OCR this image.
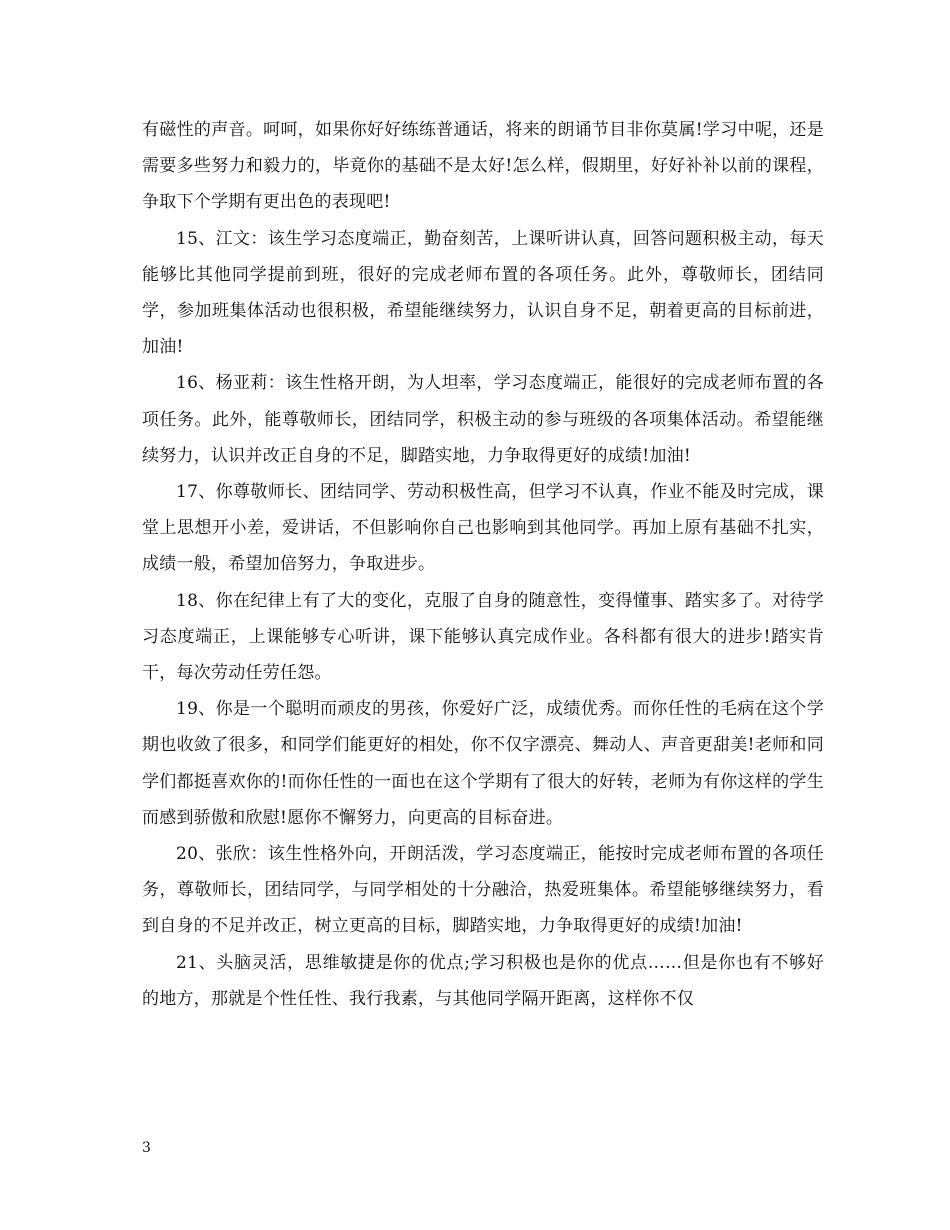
有磁性的声音。呵呵，如果你好好练练普通话，将来的朗诵节目非你莫属!学习中呢，还是需要多些努力和毅力的，毕竟你的基础不是太好!怎么样，假期里，好好补补以前的课程，争取下个学期有更出色的表现吧!

15、江文：该生学习态度端正，勤奋刻苦，上课听讲认真，回答问题积极主动，每天能够比其他同学提前到班，很好的完成老师布置的各项任务。此外，尊敬师长，团结同学，参加班集体活动也很积极，希望能继续努力，认识自身不足，朝着更高的目标前进，加油!

16、杨亚莉：该生性格开朗，为人坦率，学习态度端正，能很好的完成老师布置的各项任务。此外，能尊敬师长，团结同学，积极主动的参与班级的各项集体活动。希望能继续努力，认识并改正自身的不足，脚踏实地，力争取得更好的成绩!加油!

17、你尊敬师长、团结同学、劳动积极性高，但学习不认真，作业不能及时完成，课堂上思想开小差，爱讲话，不但影响你自己也影响到其他同学。再加上原有基础不扎实，成绩一般，希望加倍努力，争取进步。

18、你在纪律上有了大的变化，克服了自身的随意性，变得懂事、踏实多了。对待学习态度端正，上课能够专心听讲，课下能够认真完成作业。各科都有很大的进步!踏实肯干，每次劳动任劳任怨。

19、你是一个聪明而顽皮的男孩，你爱好广泛，成绩优秀。而你任性的毛病在这个学期也收敛了很多，和同学们能更好的相处，你不仅字漂亮、舞动人、声音更甜美!老师和同学们都挺喜欢你的!而你任性的一面也在这个学期有了很大的好转，老师为有你这样的学生而感到骄傲和欣慰!愿你不懈努力，向更高的目标奋进。

20、张欣：该生性格外向，开朗活泼，学习态度端正，能按时完成老师布置的各项任务，尊敬师长，团结同学，与同学相处的十分融洽，热爱班集体。希望能够继续努力，看到自身的不足并改正，树立更高的目标，脚踏实地，力争取得更好的成绩!加油!

21、头脑灵活，思维敏捷是你的优点;学习积极也是你的优点……但是你也有不够好的地方，那就是个性任性、我行我素，与其他同学隔开距离，这样你不仅

3
